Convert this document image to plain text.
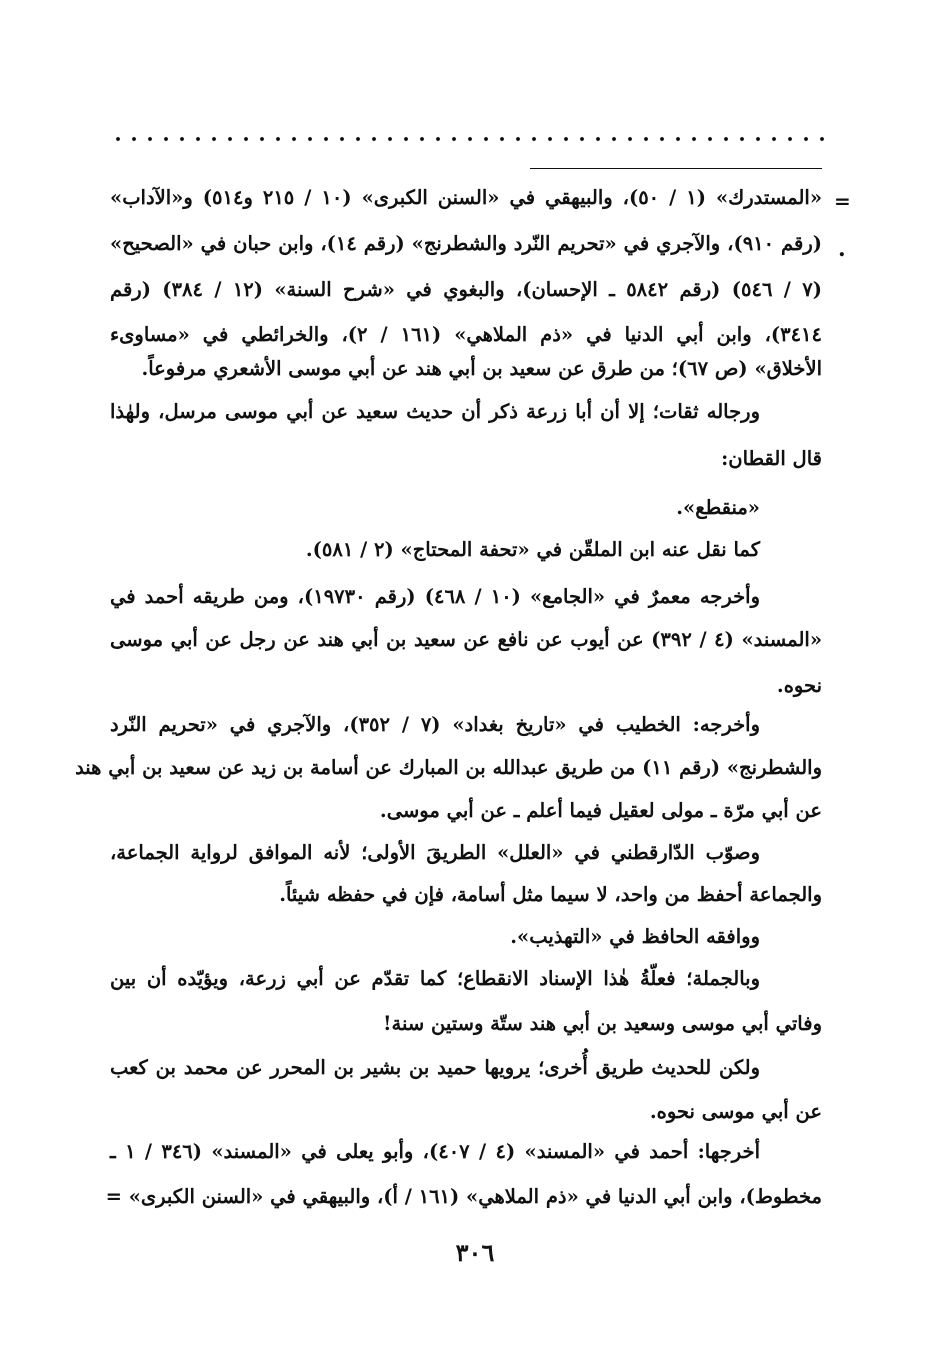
=
.
«المستدرك» (١ / ٥٠)، والبيهقي في «السنن الكبرى» (١٠ / ٢١٥ و٥١٤) و«الآداب»
(رقم ٩١٠)، والآجري في «تحريم النّرد والشطرنج» (رقم ١٤)، وابن حبان في «الصحيح»
(٧ / ٥٤٦) (رقم ٥٨٤٢ ـ الإحسان)، والبغوي في «شرح السنة» (١٢ / ٣٨٤) (رقم
٣٤١٤)، وابن أبي الدنيا في «ذم الملاهي» (١٦١ / ٢)، والخرائطي في «مساوىء
الأخلاق» (ص ٦٧)؛ من طرق عن سعيد بن أبي هند عن أبي موسى الأشعري مرفوعاً.
ورجاله ثقات؛ إلا أن أبا زرعة ذكر أن حديث سعيد عن أبي موسى مرسل، ولهٰذا
قال القطان:
«منقطع».
كما نقل عنه ابن الملقّن في «تحفة المحتاج» (٢ / ٥٨١).
وأخرجه معمرٌ في «الجامع» (١٠ / ٤٦٨) (رقم ١٩٧٣٠)، ومن طريقه أحمد في
«المسند» (٤ / ٣٩٢) عن أيوب عن نافع عن سعيد بن أبي هند عن رجل عن أبي موسى
نحوه.
وأخرجه: الخطيب في «تاريخ بغداد» (٧ / ٣٥٢)، والآجري في «تحريم النّرد
والشطرنج» (رقم ١١) من طريق عبدالله بن المبارك عن أسامة بن زيد عن سعيد بن أبي هند
عن أبي مرّة ـ مولى لعقيل فيما أعلم ـ عن أبي موسى.
وصوّب الدّارقطني في «العلل» الطريقَ الأولى؛ لأنه الموافق لرواية الجماعة،
والجماعة أحفظ من واحد، لا سيما مثل أسامة، فإن في حفظه شيئاً.
ووافقه الحافظ في «التهذيب».
وبالجملة؛ فعلّةُ هٰذا الإسناد الانقطاع؛ كما تقدّم عن أبي زرعة، ويؤيّده أن بين
وفاتي أبي موسى وسعيد بن أبي هند ستّة وستين سنة!
ولكن للحديث طريق أُخرى؛ يرويها حميد بن بشير بن المحرر عن محمد بن كعب
عن أبي موسى نحوه.
أخرجها: أحمد في «المسند» (٤ / ٤٠٧)، وأبو يعلى في «المسند» (٣٤٦ / ١ ـ
مخطوط)، وابن أبي الدنيا في «ذم الملاهي» (١٦١ / أ)، والبيهقي في «السنن الكبرى» =
٣٠٦
